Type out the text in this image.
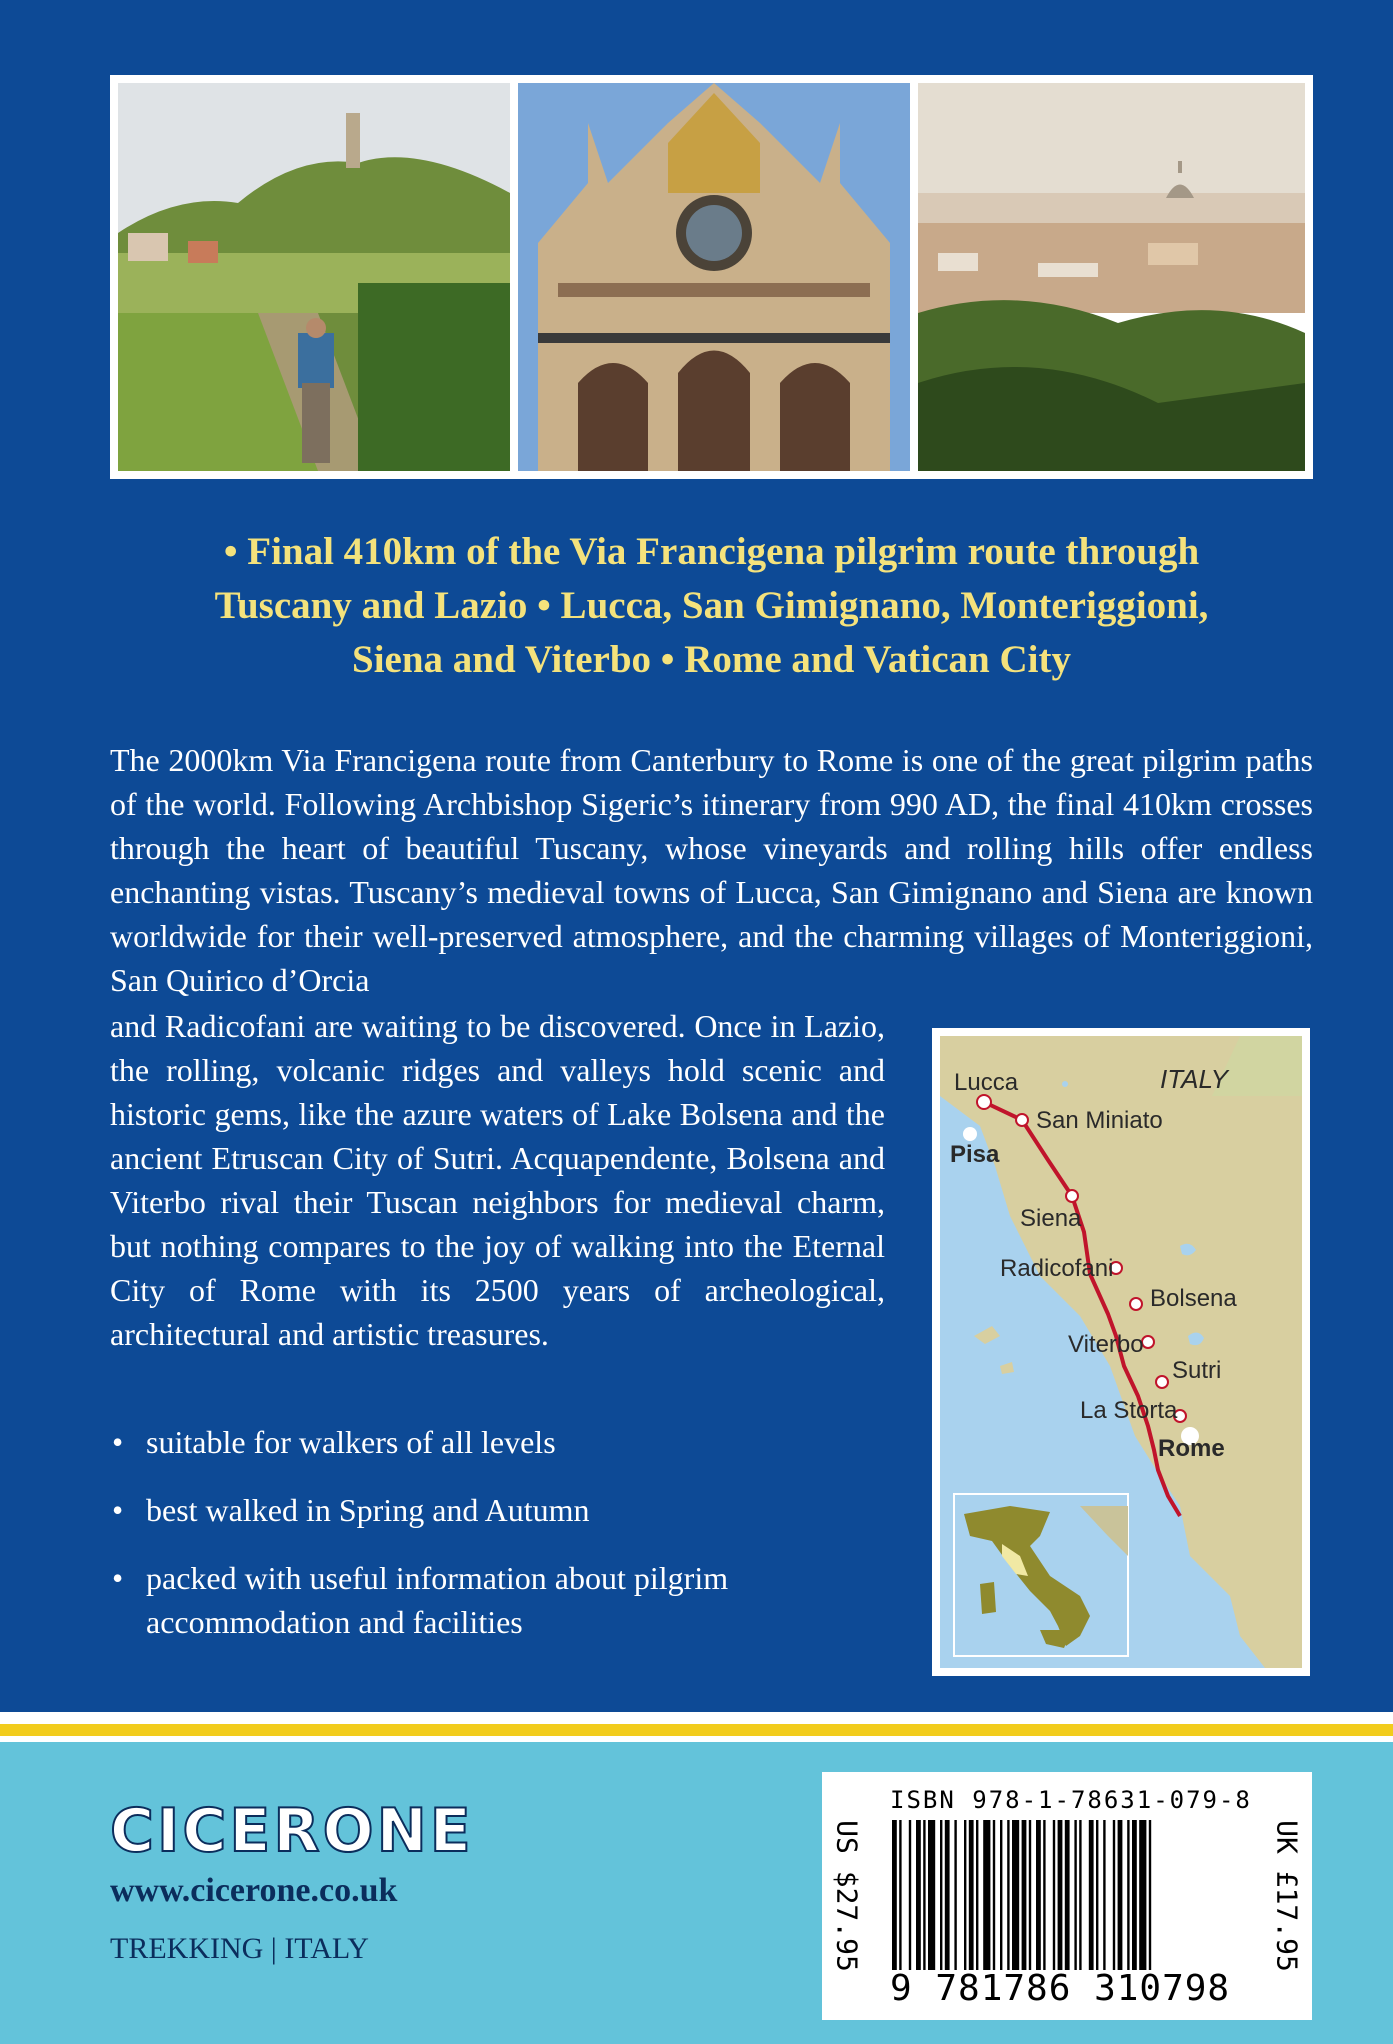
• Final 410km of the Via Francigena pilgrim route through
Tuscany and Lazio • Lucca, San Gimignano, Monteriggioni,
Siena and Viterbo • Rome and Vatican City
The 2000km Via Francigena route from Canterbury to Rome is one of the great pilgrim paths of the world. Following Archbishop Sigeric’s itinerary from 990 AD, the final 410km crosses through the heart of beautiful Tuscany, whose vineyards and rolling hills offer endless enchanting vistas. Tuscany’s medieval towns of Lucca, San Gimignano and Siena are known worldwide for their well-preserved atmosphere, and the charming villages of Monteriggioni, San Quirico d’Orcia
and Radicofani are waiting to be discovered. Once in Lazio, the rolling, volcanic ridges and valleys hold scenic and historic gems, like the azure waters of Lake Bolsena and the ancient Etruscan City of Sutri. Acquapendente, Bolsena and Viterbo rival their Tuscan neighbors for medieval charm, but nothing compares to the joy of walking into the Eternal City of Rome with its 2500 years of archeological, architectural and artistic treasures.
• suitable for walkers of all levels
• best walked in Spring and Autumn
• packed with useful information about pilgrim accommodation and facilities
ITALY
Lucca
Pisa
San Miniato
Siena
Radicofani
Bolsena
Viterbo
Sutri
La Storta
Rome
CICERONE
www.cicerone.co.uk
TREKKING | ITALY	US $27.95
ISBN 978-1-78631-079-8
9 781786 310798
UK £17.95
